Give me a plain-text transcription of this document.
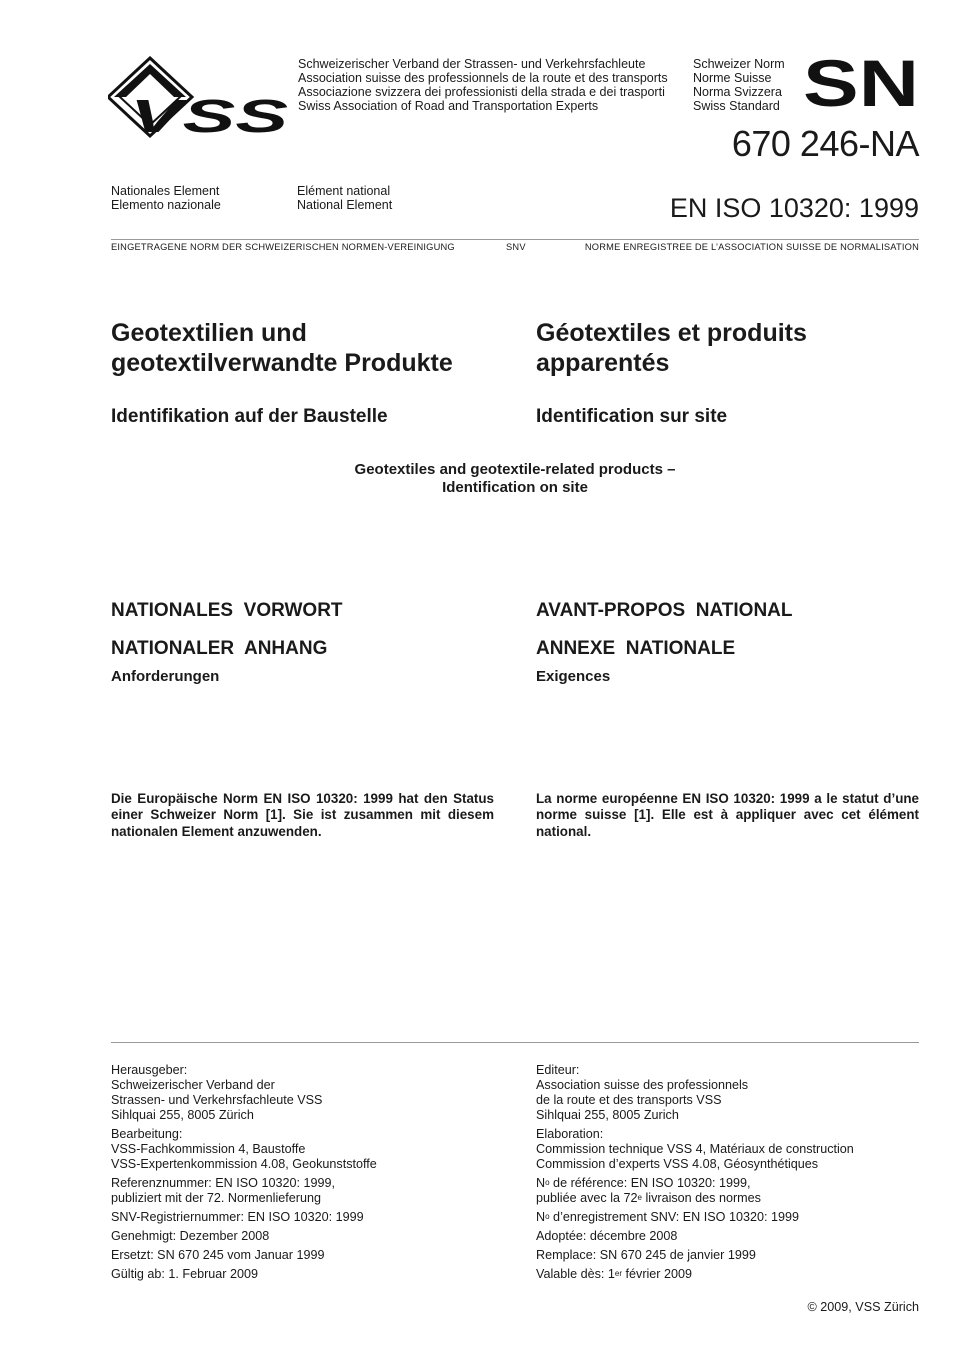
VSS
Schweizerischer Verband der Strassen- und Verkehrsfachleute
Association suisse des professionnels de la route et des transports
Associazione svizzera dei professionisti della strada e dei trasporti
Swiss Association of Road and Transportation Experts
Schweizer Norm
Norme Suisse
Norma Svizzera
Swiss Standard SN
670 246-NA
Nationales Element
Elemento nazionale
Elément national
National Element	EN ISO 10320: 1999
EINGETRAGENE NORM DER SCHWEIZERISCHEN NORMEN-VEREINIGUNG	SNV	NORME ENREGISTREE DE L’ASSOCIATION SUISSE DE NORMALISATION
Geotextilien und
geotextilverwandte Produkte
Géotextiles et produits
apparentés
Identifikation auf der Baustelle	Identification sur site
Geotextiles and geotextile-related products –
Identification on site
NATIONALES  VORWORT	AVANT-PROPOS  NATIONAL
NATIONALER  ANHANG	ANNEXE  NATIONALE
Anforderungen	Exigences
Die Europäische Norm EN ISO 10320: 1999 hat den Status einer Schweizer Norm [1]. Sie ist zusammen mit diesem nationalen Element anzuwenden.
La norme européenne EN ISO 10320: 1999 a le statut d’une norme suisse [1]. Elle est à appliquer avec cet élément national.

Herausgeber:
Schweizerischer Verband der
Strassen- und Verkehrsfachleute VSS
Sihlquai 255, 8005 Zürich

Bearbeitung:
VSS-Fachkommission 4, Baustoffe
VSS-Expertenkommission 4.08, Geokunststoffe

Referenznummer: EN ISO 10320: 1999,
publiziert mit der 72. Normenlieferung

SNV-Registriernummer: EN ISO 10320: 1999

Genehmigt: Dezember 2008

Ersetzt: SN 670 245 vom Januar 1999

Gültig ab: 1. Februar 2009

Editeur:
Association suisse des professionnels
de la route et des transports VSS
Sihlquai 255, 8005 Zurich

Elaboration:
Commission technique VSS 4, Matériaux de construction
Commission d’experts VSS 4.08, Géosynthétiques

$N^o$ de référence: EN ISO 10320: 1999,
publiée avec la 72e livraison des normes

$N^o$ d’enregistrement SNV: EN ISO 10320: 1999

Adoptée: décembre 2008

Remplace: SN 670 245 de janvier 1999

Valable dès: 1er février 2009

© 2009, VSS Zürich
